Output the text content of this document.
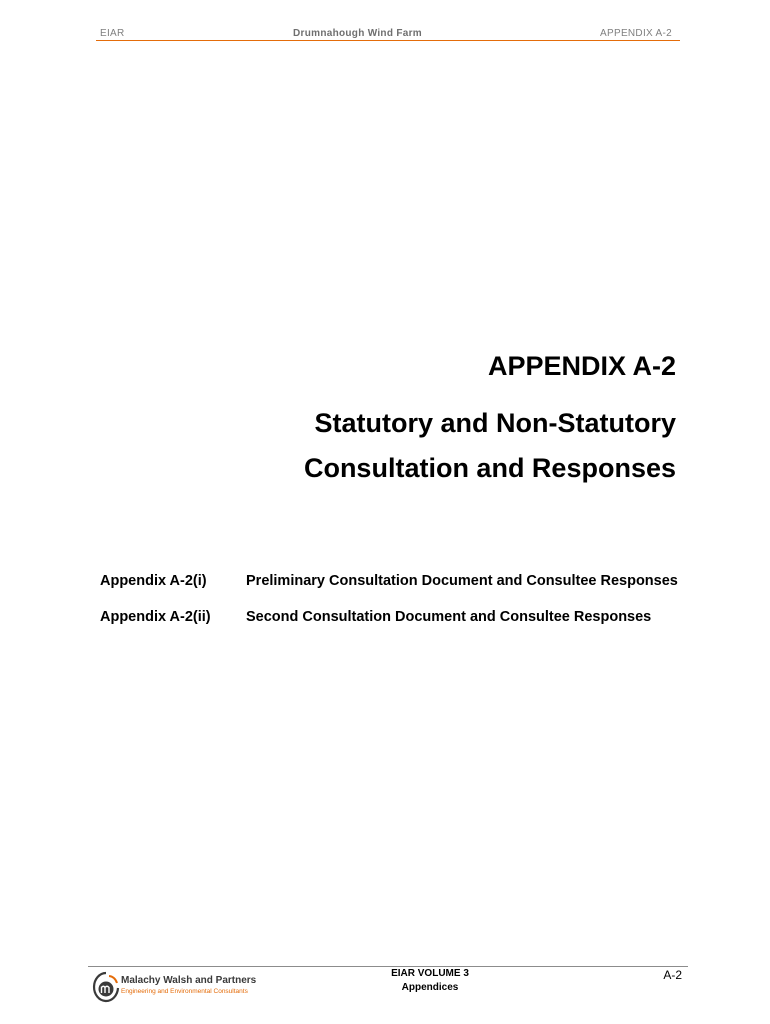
EIAR	Drumnahough Wind Farm	APPENDIX A-2
APPENDIX A-2
Statutory and Non-Statutory
Consultation and Responses
Appendix A-2(i)	Preliminary Consultation Document and Consultee Responses
Appendix A-2(ii) Second Consultation Document and Consultee Responses
Malachy Walsh and Partners
Engineering and Environmental Consultants
EIAR VOLUME 3
Appendices
A-2
